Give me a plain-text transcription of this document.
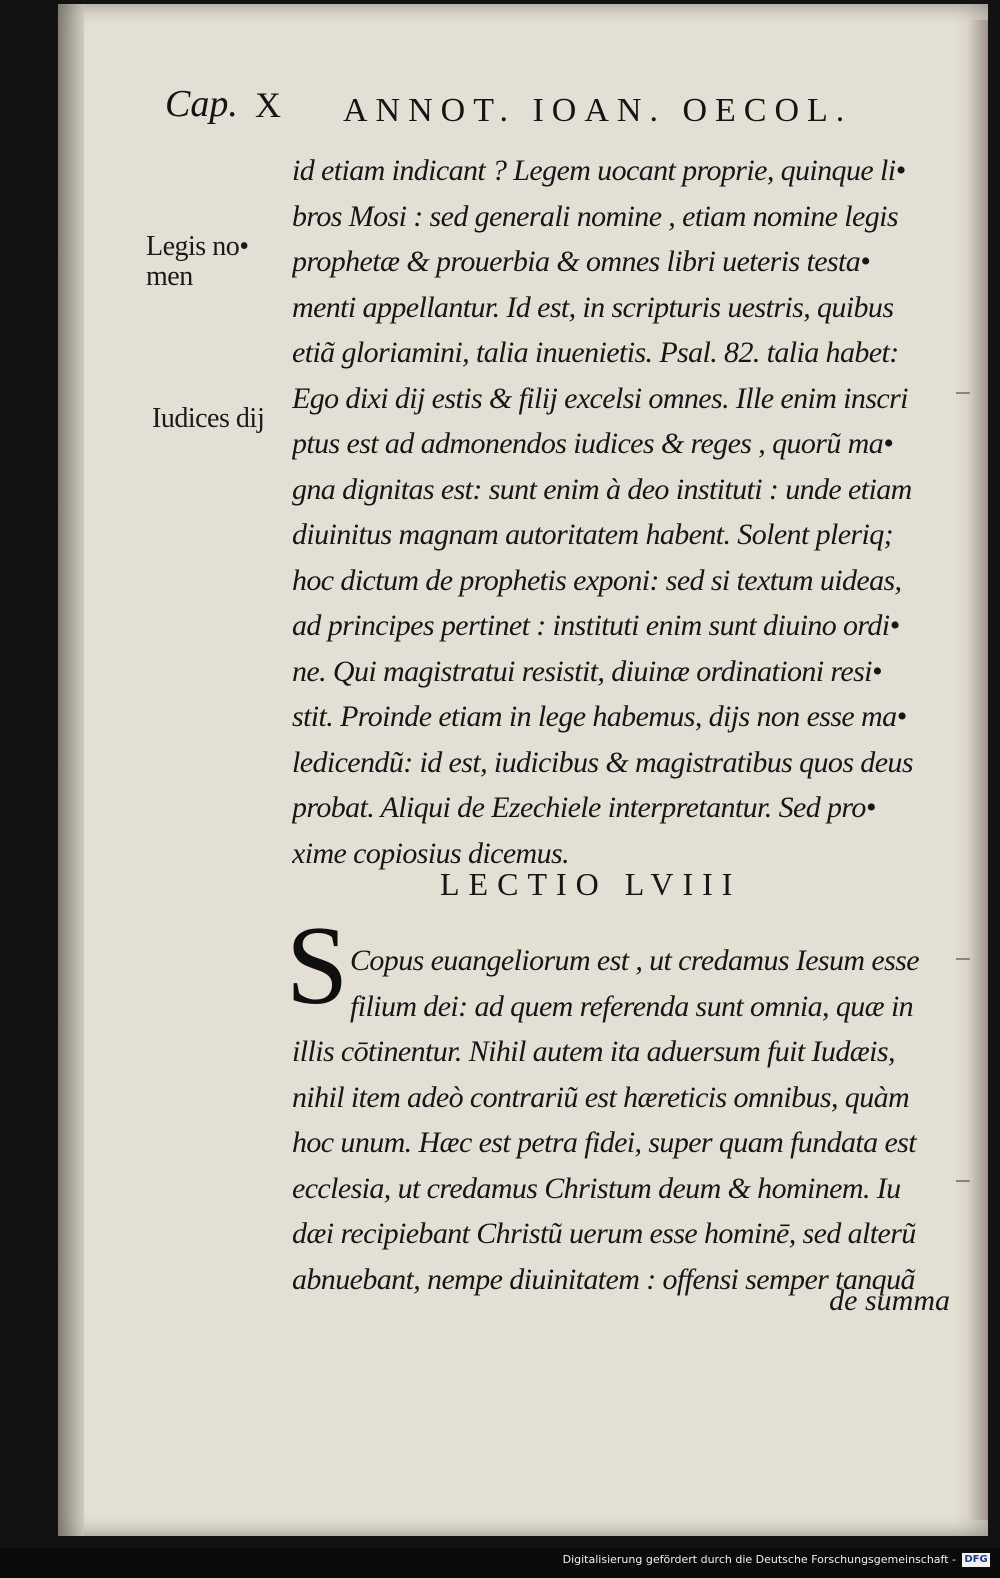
Cap. X ANNOT. IOAN. OECOL.
Legis no•
men
Iudices dĳ
id etiam indicant ? Legem uocant proprie, quinque li•
bros Mosi : sed generali nomine , etiam nomine legis
prophetæ & prouerbia & omnes libri ueteris testa•
menti appellantur. Id est, in scripturis uestris, quibus
etiã gloriamini, talia inuenietis. Psal. 82. talia habet:
Ego dixi dij estis & filij excelsi omnes. Ille enim inscri
ptus est ad admonendos iudices & reges , quorũ ma•
gna dignitas est: sunt enim à deo instituti : unde etiam
diuinitus magnam autoritatem habent. Solent pleriq;
hoc dictum de prophetis exponi: sed si textum uideas,
ad principes pertinet : instituti enim sunt diuino ordi•
ne. Qui magistratui resistit, diuinæ ordinationi resi•
stit. Proinde etiam in lege habemus, dijs non esse ma•
ledicendũ: id est, iudicibus & magistratibus quos deus
probat. Aliqui de Ezechiele interpretantur. Sed pro•
xime copiosius dicemus.
LECTIO LVIII
S Copus euangeliorum est , ut credamus Iesum esse
filium dei: ad quem referenda sunt omnia, quæ in
illis cōtinentur. Nihil autem ita aduersum fuit Iudæis,
nihil item adeò contrariũ est hæreticis omnibus, quàm
hoc unum. Hæc est petra fidei, super quam fundata est
ecclesia, ut credamus Christum deum & hominem. Iu
dæi recipiebant Christũ uerum esse hominē, sed alterũ
abnuebant, nempe diuinitatem : offensi semper tanquã
de summa
Digitalisierung gefördert durch die Deutsche Forschungsgemeinschaft - DFG
